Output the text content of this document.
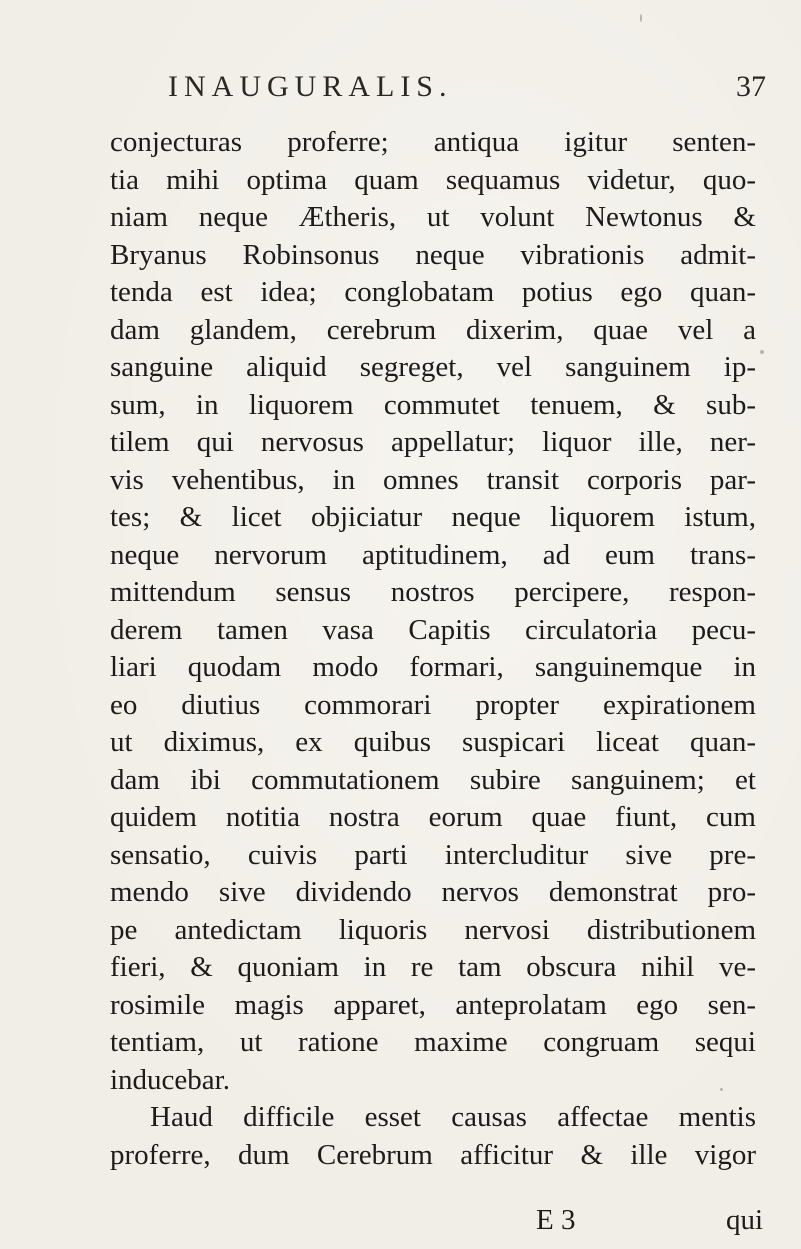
INAUGURALIS.	37
conjecturas proferre; antiqua igitur senten-
tia mihi optima quam sequamus videtur, quo-
niam neque Ætheris, ut volunt Newtonus &
Bryanus Robinsonus neque vibrationis admit-
tenda est idea; conglobatam potius ego quan-
dam glandem, cerebrum dixerim, quae vel a
sanguine aliquid segreget, vel sanguinem ip-
sum, in liquorem commutet tenuem, & sub-
tilem qui nervosus appellatur; liquor ille, ner-
vis vehentibus, in omnes transit corporis par-
tes; & licet objiciatur neque liquorem istum,
neque nervorum aptitudinem, ad eum trans-
mittendum sensus nostros percipere, respon-
derem tamen vasa Capitis circulatoria pecu-
liari quodam modo formari, sanguinemque in
eo diutius commorari propter expirationem
ut diximus, ex quibus suspicari liceat quan-
dam ibi commutationem subire sanguinem; et
quidem notitia nostra eorum quae fiunt, cum
sensatio, cuivis parti intercluditur sive pre-
mendo sive dividendo nervos demonstrat pro-
pe antedictam liquoris nervosi distributionem
fieri, & quoniam in re tam obscura nihil ve-
rosimile magis apparet, anteprolatam ego sen-
tentiam, ut ratione maxime congruam sequi
inducebar.
Haud difficile esset causas affectae mentis
proferre, dum Cerebrum afficitur & ille vigor
E 3	qui
